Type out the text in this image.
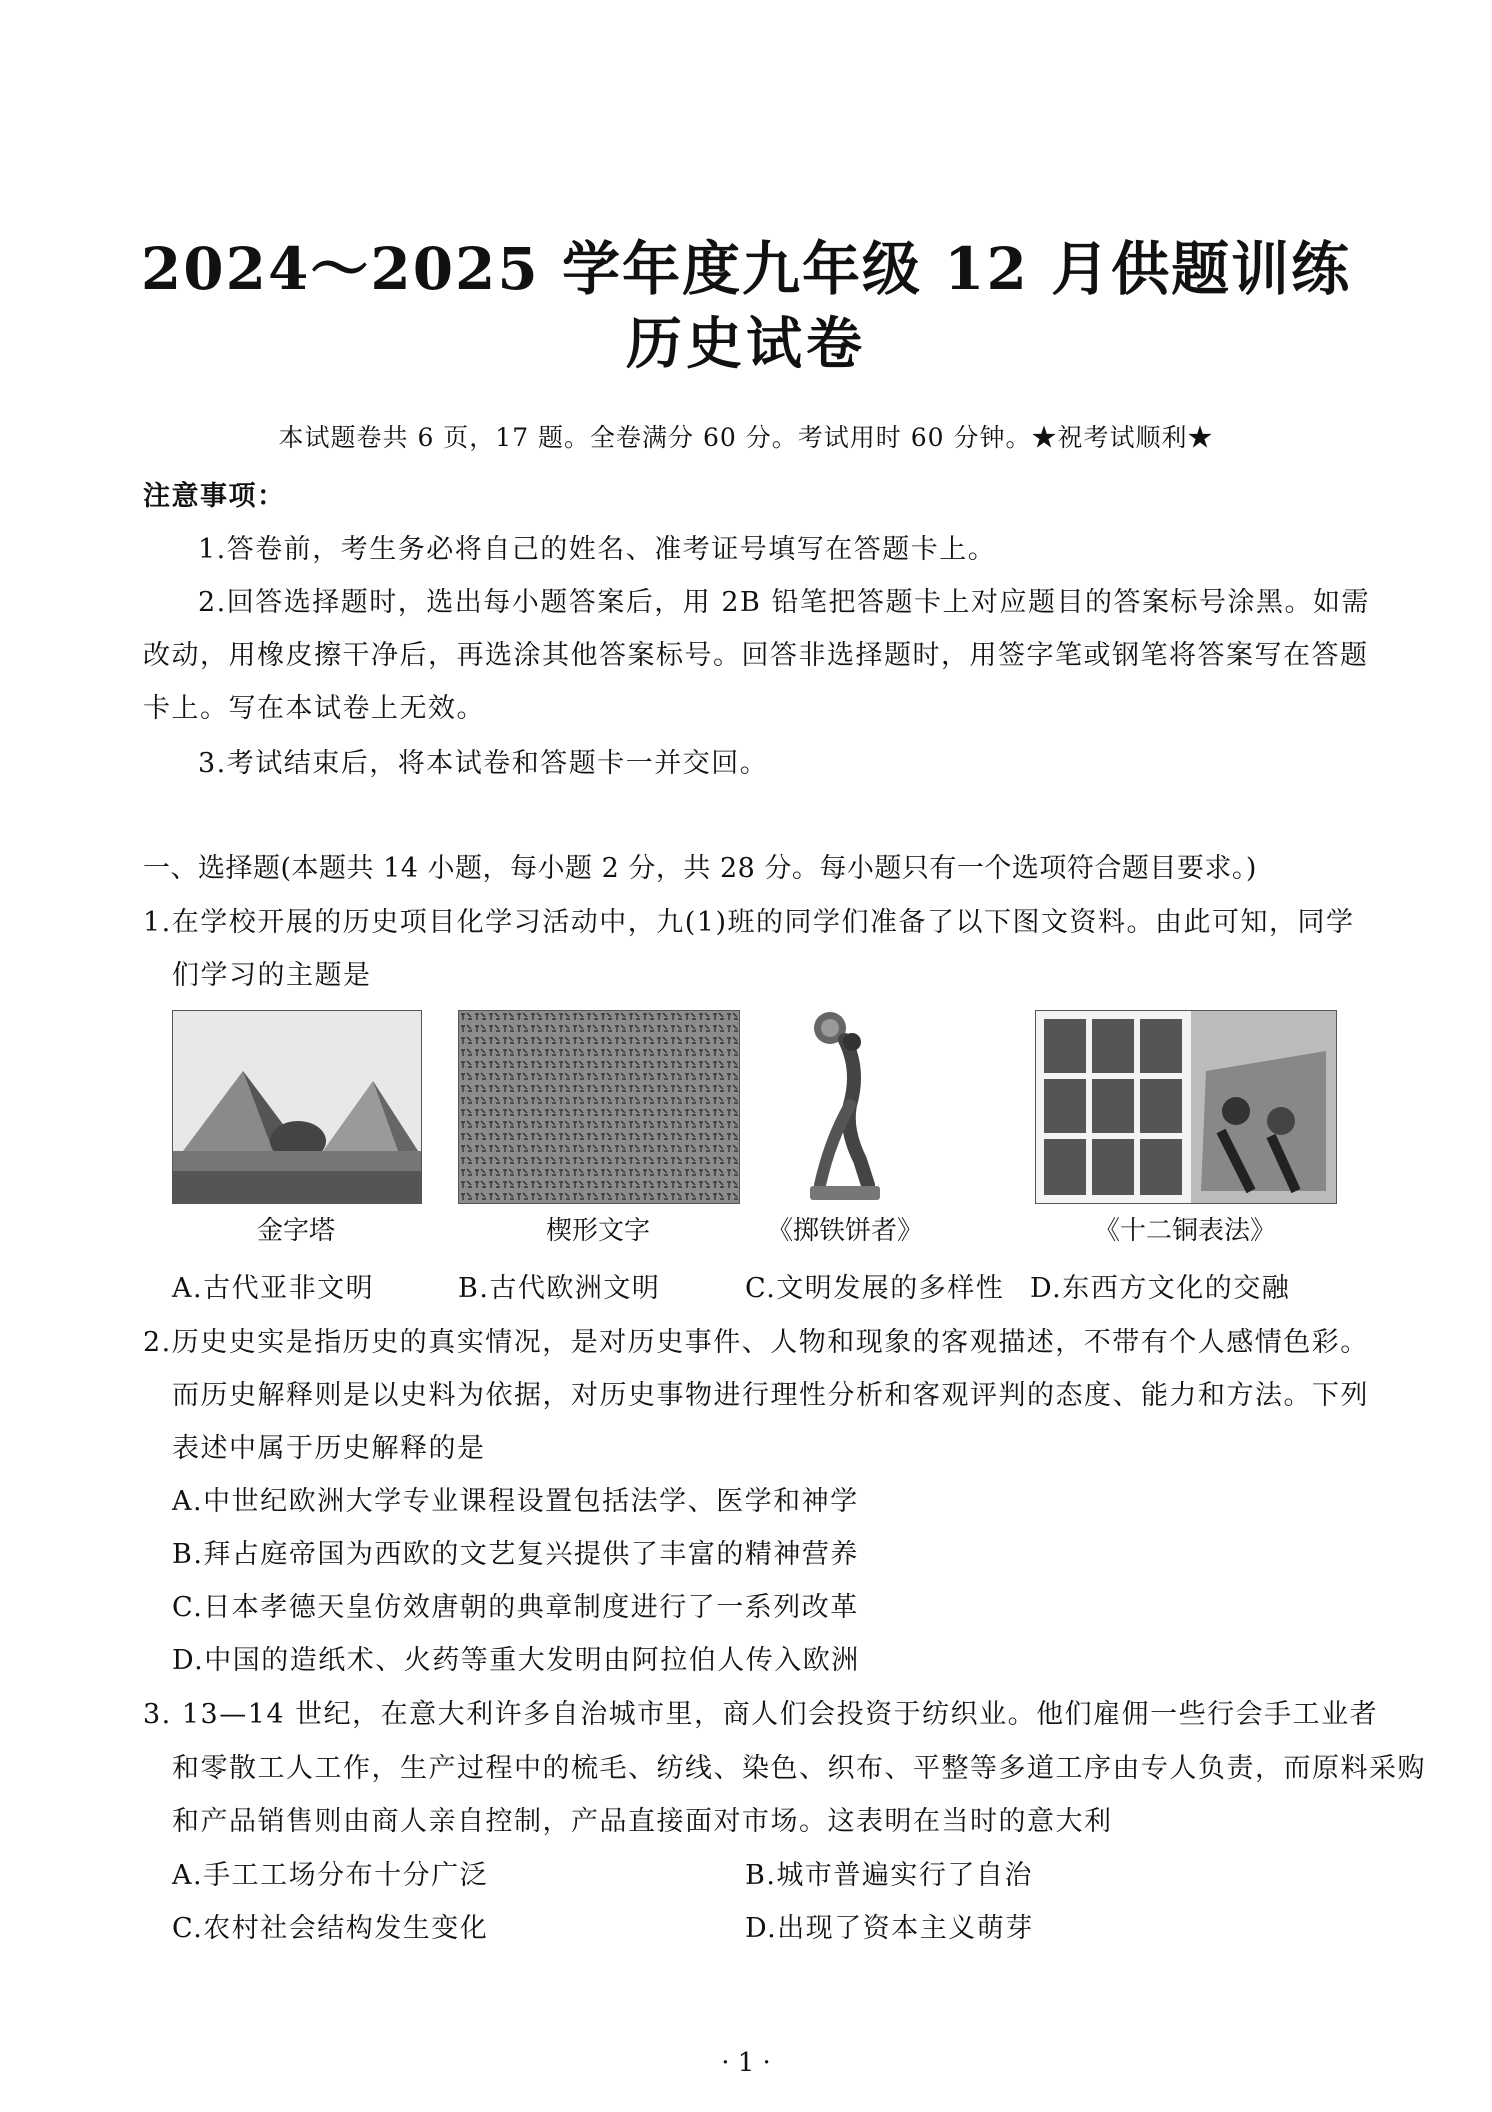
2024～2025 学年度九年级 12 月供题训练
历史试卷
本试题卷共 6 页，17 题。全卷满分 60 分。考试用时 60 分钟。★祝考试顺利★
注意事项：
1.答卷前，考生务必将自己的姓名、准考证号填写在答题卡上。
2.回答选择题时，选出每小题答案后，用 2B 铅笔把答题卡上对应题目的答案标号涂黑。如需
改动，用橡皮擦干净后，再选涂其他答案标号。回答非选择题时，用签字笔或钢笔将答案写在答题
卡上。写在本试卷上无效。
3.考试结束后，将本试卷和答题卡一并交回。
一、选择题(本题共 14 小题，每小题 2 分，共 28 分。每小题只有一个选项符合题目要求。)
1.在学校开展的历史项目化学习活动中，九(1)班的同学们准备了以下图文资料。由此可知，同学
们学习的主题是
金字塔	楔形文字	《掷铁饼者》	《十二铜表法》
A.古代亚非文明	B.古代欧洲文明	C.文明发展的多样性 D.东西方文化的交融
2.历史史实是指历史的真实情况，是对历史事件、人物和现象的客观描述，不带有个人感情色彩。
而历史解释则是以史料为依据，对历史事物进行理性分析和客观评判的态度、能力和方法。下列
表述中属于历史解释的是
A.中世纪欧洲大学专业课程设置包括法学、医学和神学
B.拜占庭帝国为西欧的文艺复兴提供了丰富的精神营养
C.日本孝德天皇仿效唐朝的典章制度进行了一系列改革
D.中国的造纸术、火药等重大发明由阿拉伯人传入欧洲
3. 13—14 世纪，在意大利许多自治城市里，商人们会投资于纺织业。他们雇佣一些行会手工业者
和零散工人工作，生产过程中的梳毛、纺线、染色、织布、平整等多道工序由专人负责，而原料采购
和产品销售则由商人亲自控制，产品直接面对市场。这表明在当时的意大利
A.手工工场分布十分广泛	B.城市普遍实行了自治
C.农村社会结构发生变化	D.出现了资本主义萌芽
· 1 ·
